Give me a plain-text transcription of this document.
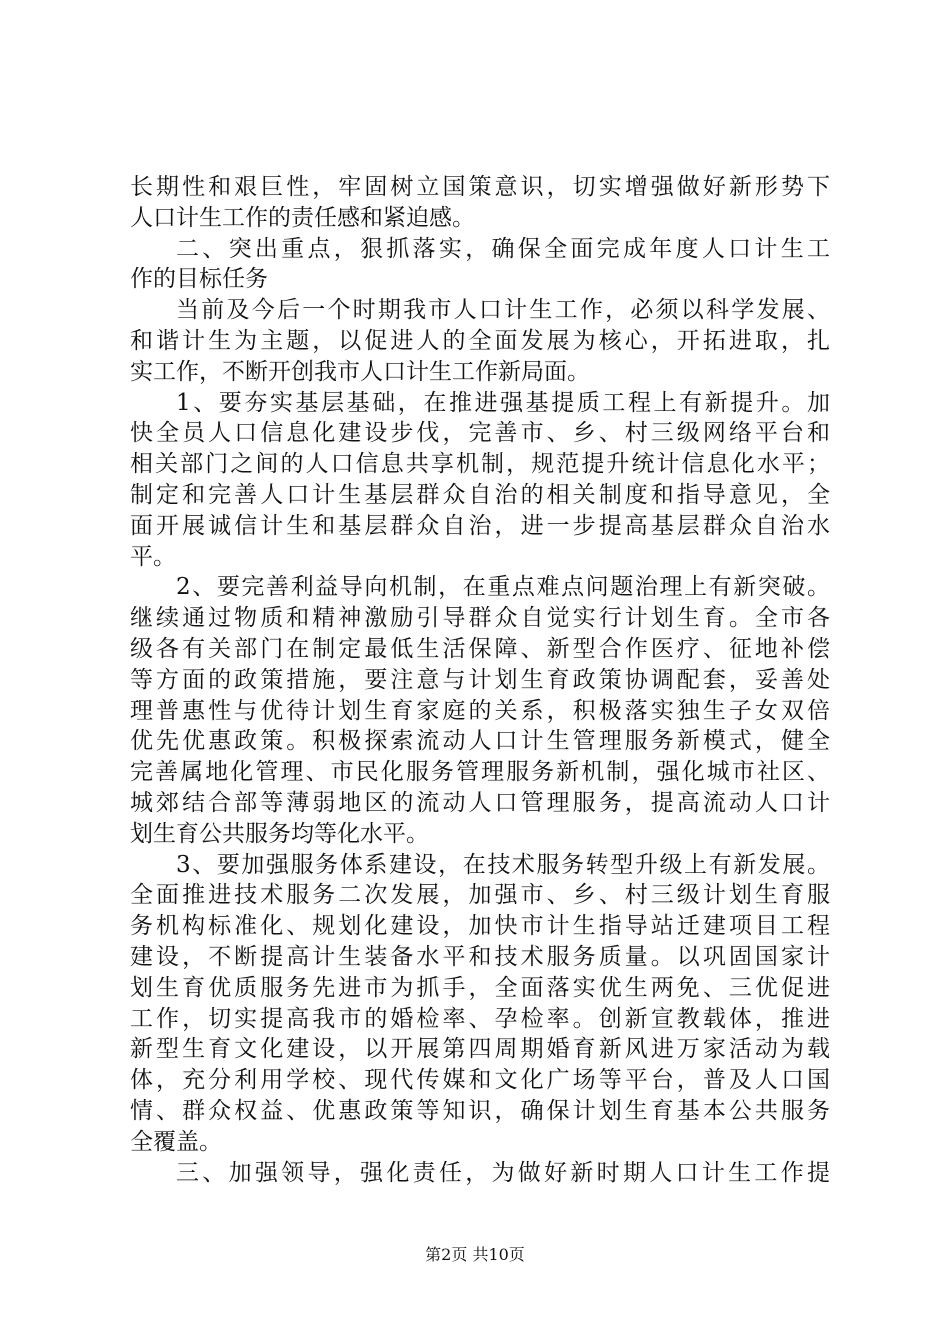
长期性和艰巨性，牢固树立国策意识，切实增强做好新形势下
人口计生工作的责任感和紧迫感。
二、突出重点，狠抓落实，确保全面完成年度人口计生工
作的目标任务
当前及今后一个时期我市人口计生工作，必须以科学发展、
和谐计生为主题，以促进人的全面发展为核心，开拓进取，扎
实工作，不断开创我市人口计生工作新局面。
1、要夯实基层基础，在推进强基提质工程上有新提升。加
快全员人口信息化建设步伐，完善市、乡、村三级网络平台和
相关部门之间的人口信息共享机制，规范提升统计信息化水平；
制定和完善人口计生基层群众自治的相关制度和指导意见，全
面开展诚信计生和基层群众自治，进一步提高基层群众自治水
平。
2、要完善利益导向机制，在重点难点问题治理上有新突破。
继续通过物质和精神激励引导群众自觉实行计划生育。全市各
级各有关部门在制定最低生活保障、新型合作医疗、征地补偿
等方面的政策措施，要注意与计划生育政策协调配套，妥善处
理普惠性与优待计划生育家庭的关系，积极落实独生子女双倍
优先优惠政策。积极探索流动人口计生管理服务新模式，健全
完善属地化管理、市民化服务管理服务新机制，强化城市社区、
城郊结合部等薄弱地区的流动人口管理服务，提高流动人口计
划生育公共服务均等化水平。
3、要加强服务体系建设，在技术服务转型升级上有新发展。
全面推进技术服务二次发展，加强市、乡、村三级计划生育服
务机构标准化、规划化建设，加快市计生指导站迁建项目工程
建设，不断提高计生装备水平和技术服务质量。以巩固国家计
划生育优质服务先进市为抓手，全面落实优生两免、三优促进
工作，切实提高我市的婚检率、孕检率。创新宣教载体，推进
新型生育文化建设，以开展第四周期婚育新风进万家活动为载
体，充分利用学校、现代传媒和文化广场等平台，普及人口国
情、群众权益、优惠政策等知识，确保计划生育基本公共服务
全覆盖。
三、加强领导，强化责任，为做好新时期人口计生工作提
第2页 共10页
